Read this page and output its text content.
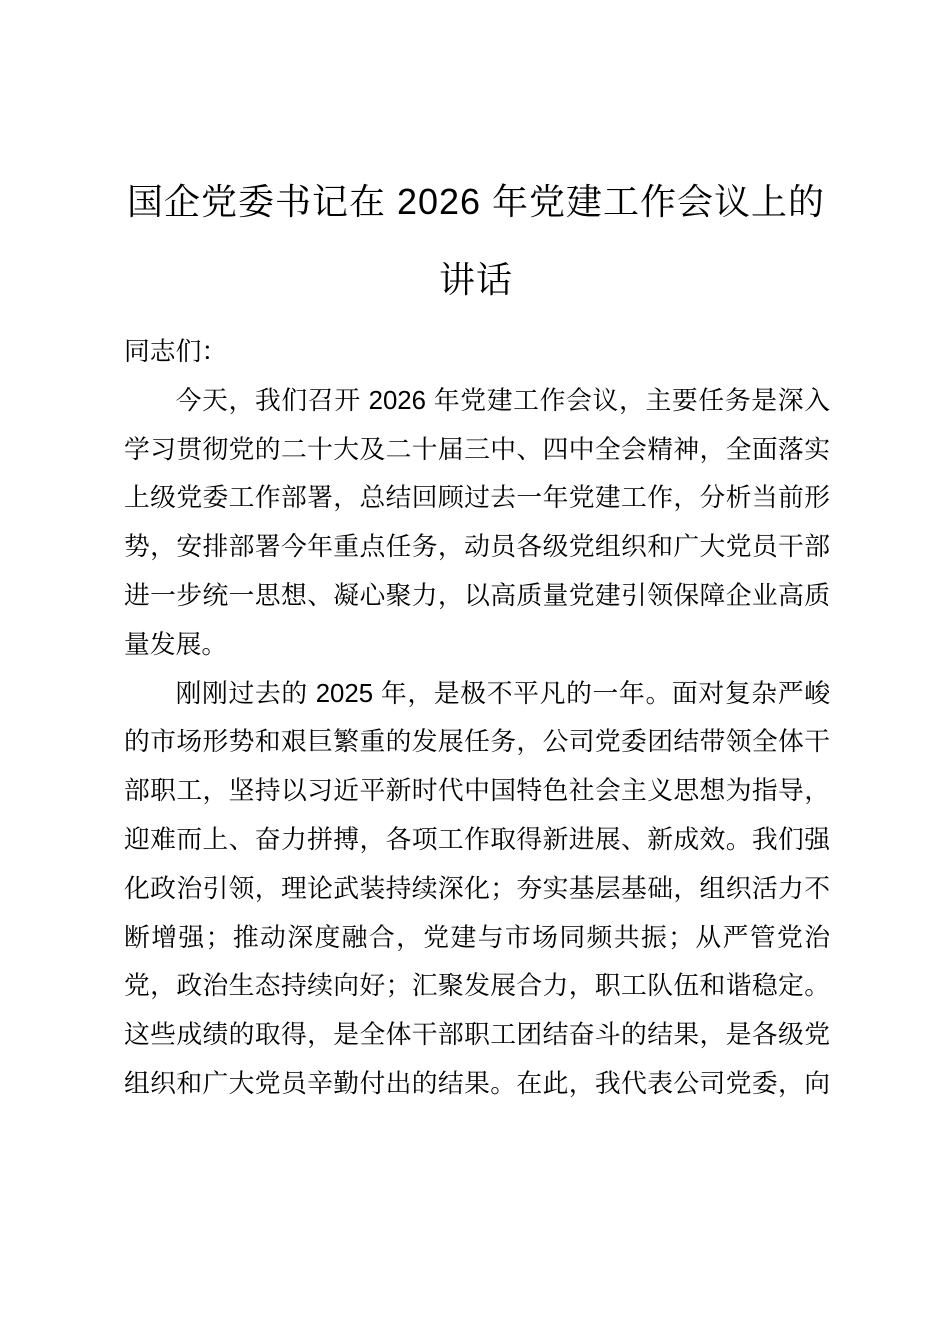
国企党委书记在 2026 年党建工作会议上的
讲话
同志们：
今天，我们召开 2026 年党建工作会议，主要任务是深入
学习贯彻党的二十大及二十届三中、四中全会精神，全面落实
上级党委工作部署，总结回顾过去一年党建工作，分析当前形
势，安排部署今年重点任务，动员各级党组织和广大党员干部
进一步统一思想、凝心聚力，以高质量党建引领保障企业高质
量发展。
刚刚过去的 2025 年，是极不平凡的一年。面对复杂严峻
的市场形势和艰巨繁重的发展任务，公司党委团结带领全体干
部职工，坚持以习近平新时代中国特色社会主义思想为指导，
迎难而上、奋力拼搏，各项工作取得新进展、新成效。我们强
化政治引领，理论武装持续深化；夯实基层基础，组织活力不
断增强；推动深度融合，党建与市场同频共振；从严管党治
党，政治生态持续向好；汇聚发展合力，职工队伍和谐稳定。
这些成绩的取得，是全体干部职工团结奋斗的结果，是各级党
组织和广大党员辛勤付出的结果。在此，我代表公司党委，向
